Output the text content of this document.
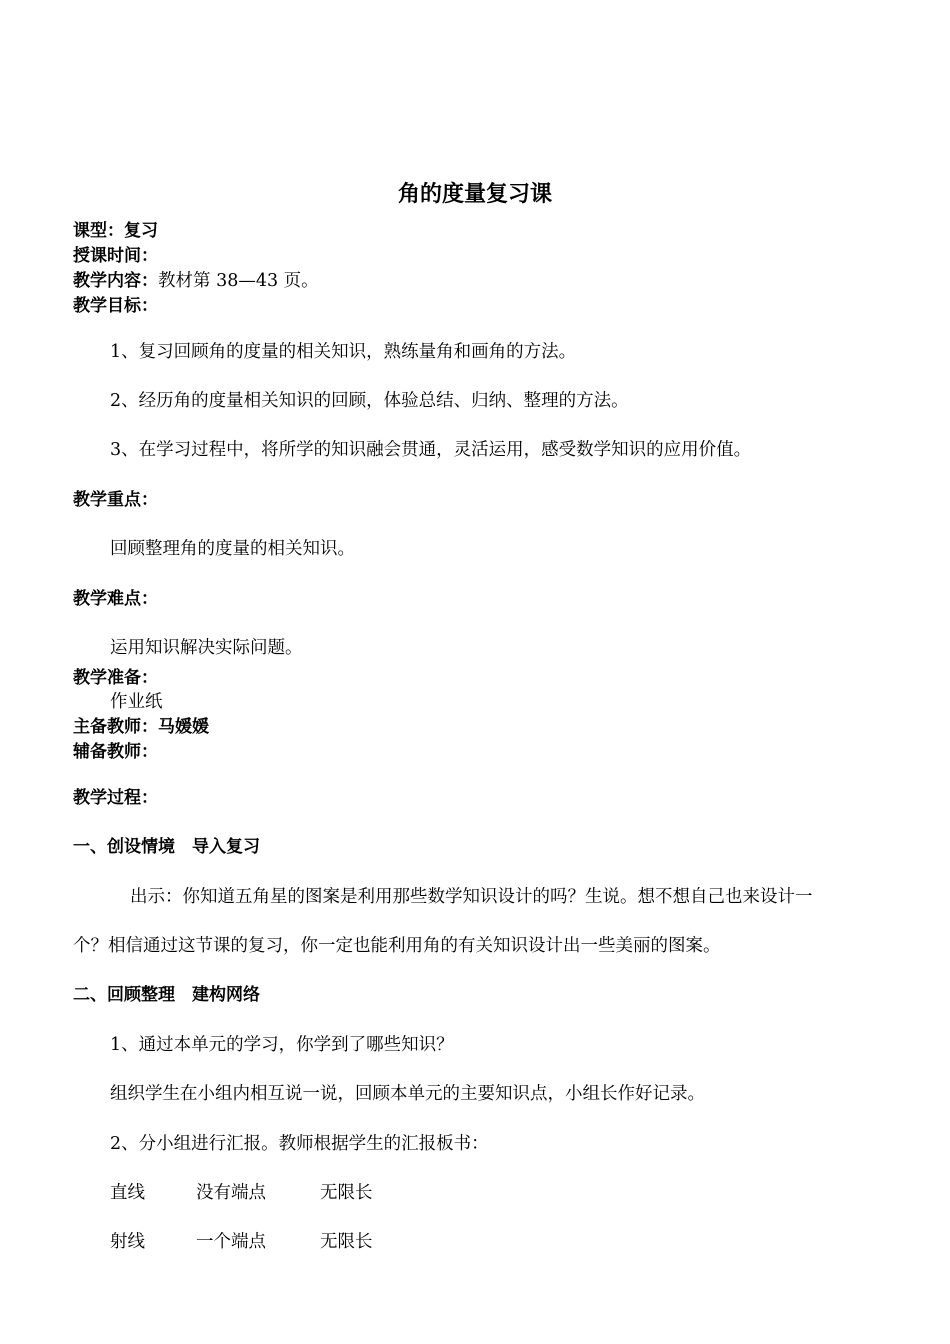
角的度量复习课
课型：复习
授课时间：
教学内容：教材第 38—43 页。
教学目标：
1、复习回顾角的度量的相关知识，熟练量角和画角的方法。
2、经历角的度量相关知识的回顾，体验总结、归纳、整理的方法。
3、在学习过程中，将所学的知识融会贯通，灵活运用，感受数学知识的应用价值。
教学重点：
回顾整理角的度量的相关知识。
教学难点：
运用知识解决实际问题。
教学准备：
作业纸
主备教师：马媛媛
辅备教师：
教学过程：
一、创设情境　导入复习
出示：你知道五角星的图案是利用那些数学知识设计的吗？生说。想不想自己也来设计一
个？相信通过这节课的复习，你一定也能利用角的有关知识设计出一些美丽的图案。
二、回顾整理　建构网络
1、通过本单元的学习，你学到了哪些知识？
组织学生在小组内相互说一说，回顾本单元的主要知识点，小组长作好记录。
2、分小组进行汇报。教师根据学生的汇报板书：
直线	没有端点	无限长
射线	一个端点	无限长
